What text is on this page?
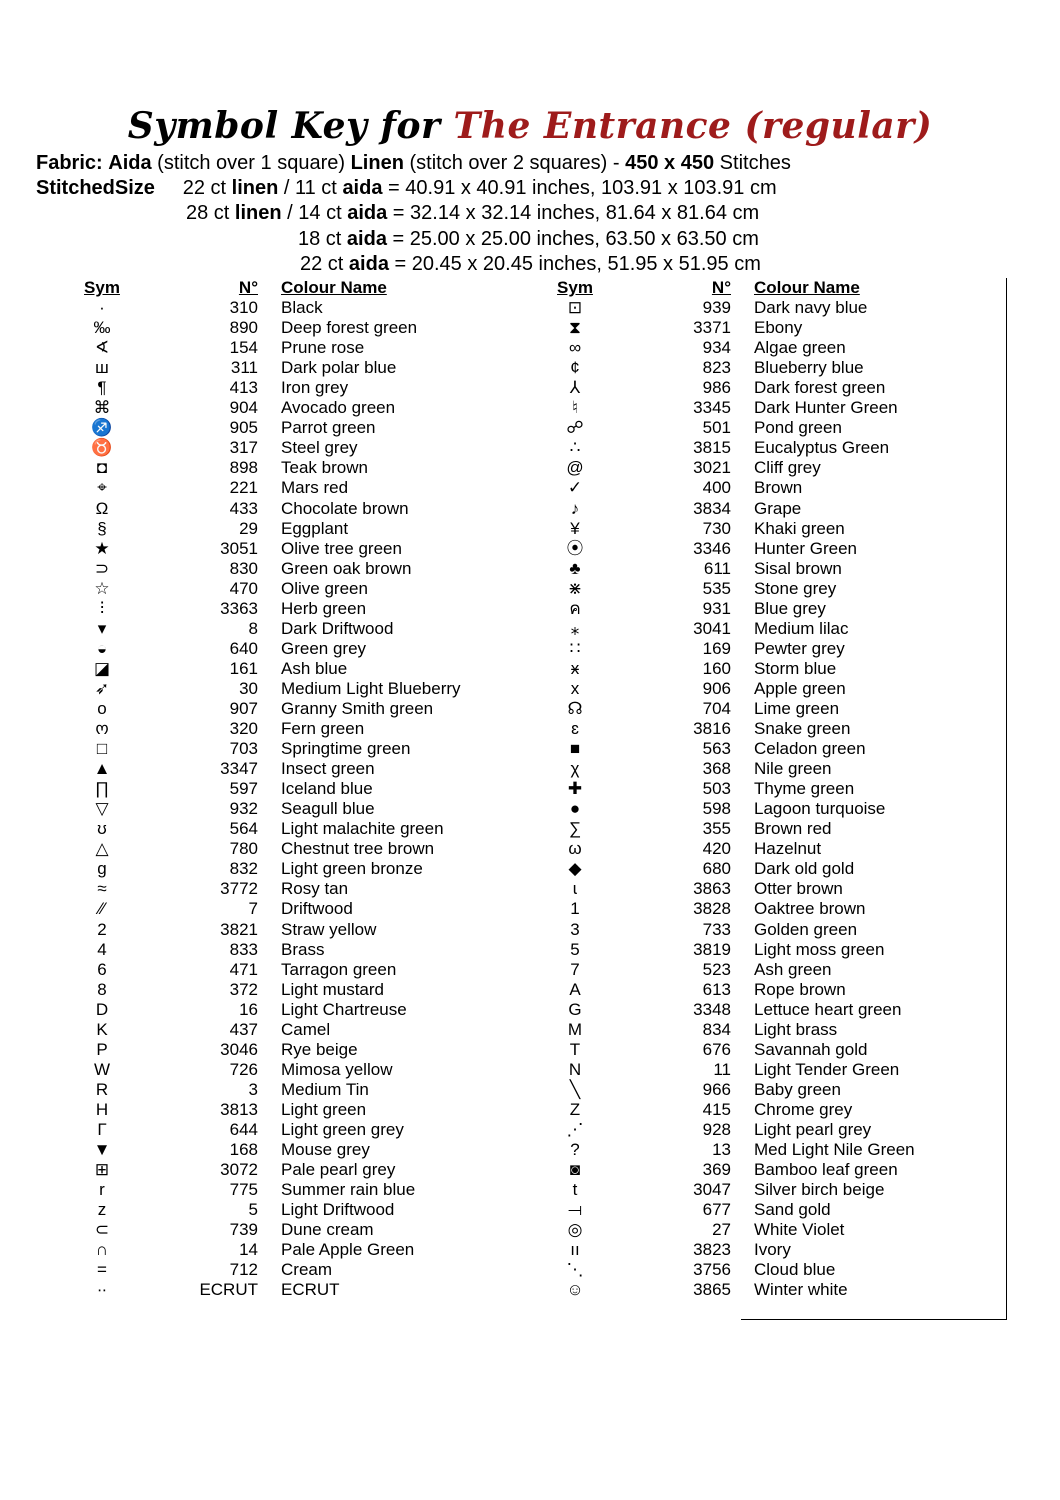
Symbol Key for The Entrance (regular)
Fabric: Aida (stitch over 1 square) Linen (stitch over 2 squares) - 450 x 450 Stitches
StitchedSize 22 ct linen / 11 ct aida = 40.91 x 40.91 inches, 103.91 x 103.91 cm
28 ct linen / 14 ct aida = 32.14 x 32.14 inches, 81.64 x 81.64 cm
18 ct aida = 25.00 x 25.00 inches, 63.50 x 63.50 cm
22 ct aida = 20.45 x 20.45 inches, 51.95 x 51.95 cm
Sym	N° Colour Name
·	310 Black
‰	890 Deep forest green
∢	154 Prune rose
ш	311 Dark polar blue
¶	413 Iron grey
⌘	904 Avocado green
♐	905 Parrot green
♉	317 Steel grey
◘	898 Teak brown
⌖	221 Mars red
Ω	433 Chocolate brown
§	29 Eggplant
★	3051 Olive tree green
⊃	830 Green oak brown
☆	470 Olive green
⫶	3363 Herb green
▾	8 Dark Driftwood
◒	640 Green grey
◪	161 Ash blue
➶	30 Medium Light Blueberry
o	907 Granny Smith green
ო	320 Fern green
□	703 Springtime green
▲	3347 Insect green
∏	597 Iceland blue
▽	932 Seagull blue
ʊ	564 Light malachite green
△	780 Chestnut tree brown
g	832 Light green bronze
≈	3772 Rosy tan
⁄⁄	7 Driftwood
2	3821 Straw yellow
4	833 Brass
6	471 Tarragon green
8	372 Light mustard
D	16 Light Chartreuse
K	437 Camel
P	3046 Rye beige
W	726 Mimosa yellow
R	3 Medium Tin
H	3813 Light green
Γ	644 Light green grey
▼	168 Mouse grey
⊞	3072 Pale pearl grey
r	775 Summer rain blue
z	5 Light Driftwood
⊂	739 Dune cream
∩	14 Pale Apple Green
=	712 Cream
∙∙	ECRUT ECRUT
Sym	N° Colour Name
⊡	939 Dark navy blue
⧗	3371 Ebony
∞	934 Algae green
¢	823 Blueberry blue
⅄	986 Dark forest green
♮	3345 Dark Hunter Green
☍	501 Pond green
∴	3815 Eucalyptus Green
@	3021 Cliff grey
✓	400 Brown
♪	3834 Grape
¥	730 Khaki green
⦿	3346 Hunter Green
♣	611 Sisal brown
⋇	535 Stone grey
ค	931 Blue grey
⁎	3041 Medium lilac
∷	169 Pewter grey
ӿ	160 Storm blue
x	906 Apple green
☊	704 Lime green
ɛ	3816 Snake green
■	563 Celadon green
χ	368 Nile green
✚	503 Thyme green
●	598 Lagoon turquoise
∑	355 Brown red
ω	420 Hazelnut
◆	680 Dark old gold
ɩ	3863 Otter brown
1	3828 Oaktree brown
3	733 Golden green
5	3819 Light moss green
7	523 Ash green
A	613 Rope brown
G	3348 Lettuce heart green
M	834 Light brass
T	676 Savannah gold
N	11 Light Tender Green
╲	966 Baby green
Z	415 Chrome grey
⋰	928 Light pearl grey
?	13 Med Light Nile Green
◙	369 Bamboo leaf green
t	3047 Silver birch beige
⟞	677 Sand gold
◎	27 White Violet
ıı	3823 Ivory
⋱	3756 Cloud blue
☺	3865 Winter white
